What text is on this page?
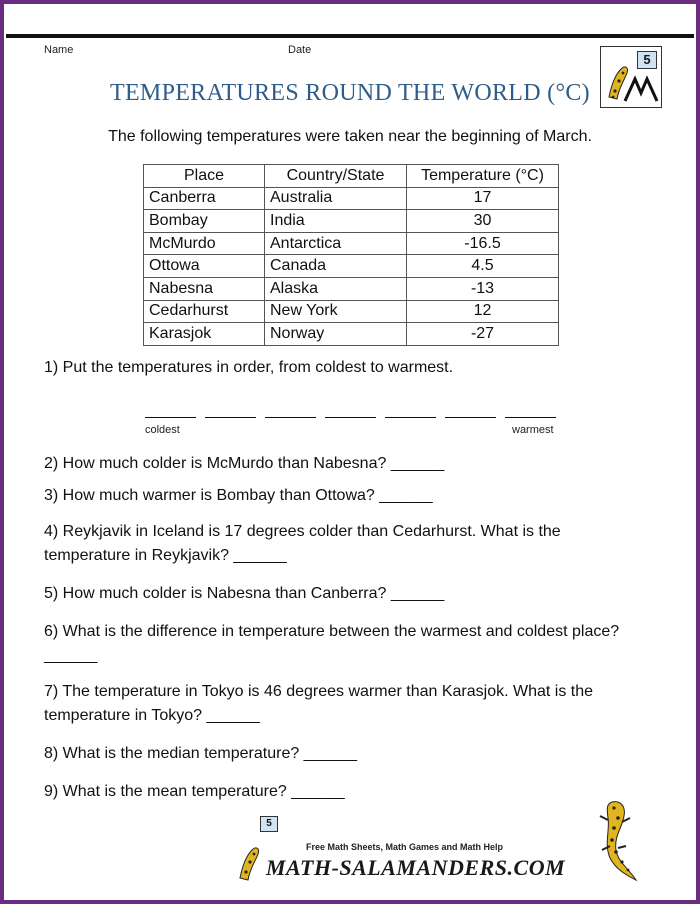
Name	Date
5
TEMPERATURES ROUND THE WORLD (°C)
The following temperatures were taken near the beginning of March.
Place	Country/State	Temperature (°C)
Canberra	Australia	17
Bombay	India	30
McMurdo	Antarctica	-16.5
Ottowa	Canada	4.5
Nabesna	Alaska	-13
Cedarhurst	New York	12
Karasjok	Norway	-27
1) Put the temperatures in order, from coldest to warmest.
coldest	warmest
2) How much colder is McMurdo than Nabesna? ______
3) How much warmer is Bombay than Ottowa? ______
4) Reykjavik in Iceland is 17 degrees colder than Cedarhurst. What is the temperature in Reykjavik? ______
5) How much colder is Nabesna than Canberra? ______
6) What is the difference in temperature between the warmest and coldest place? ______
7) The temperature in Tokyo is 46 degrees warmer than Karasjok. What is the temperature in Tokyo? ______
8) What is the median temperature? ______
9) What is the mean temperature? ______
5
Free Math Sheets, Math Games and Math Help
MATH-SALAMANDERS.COM
